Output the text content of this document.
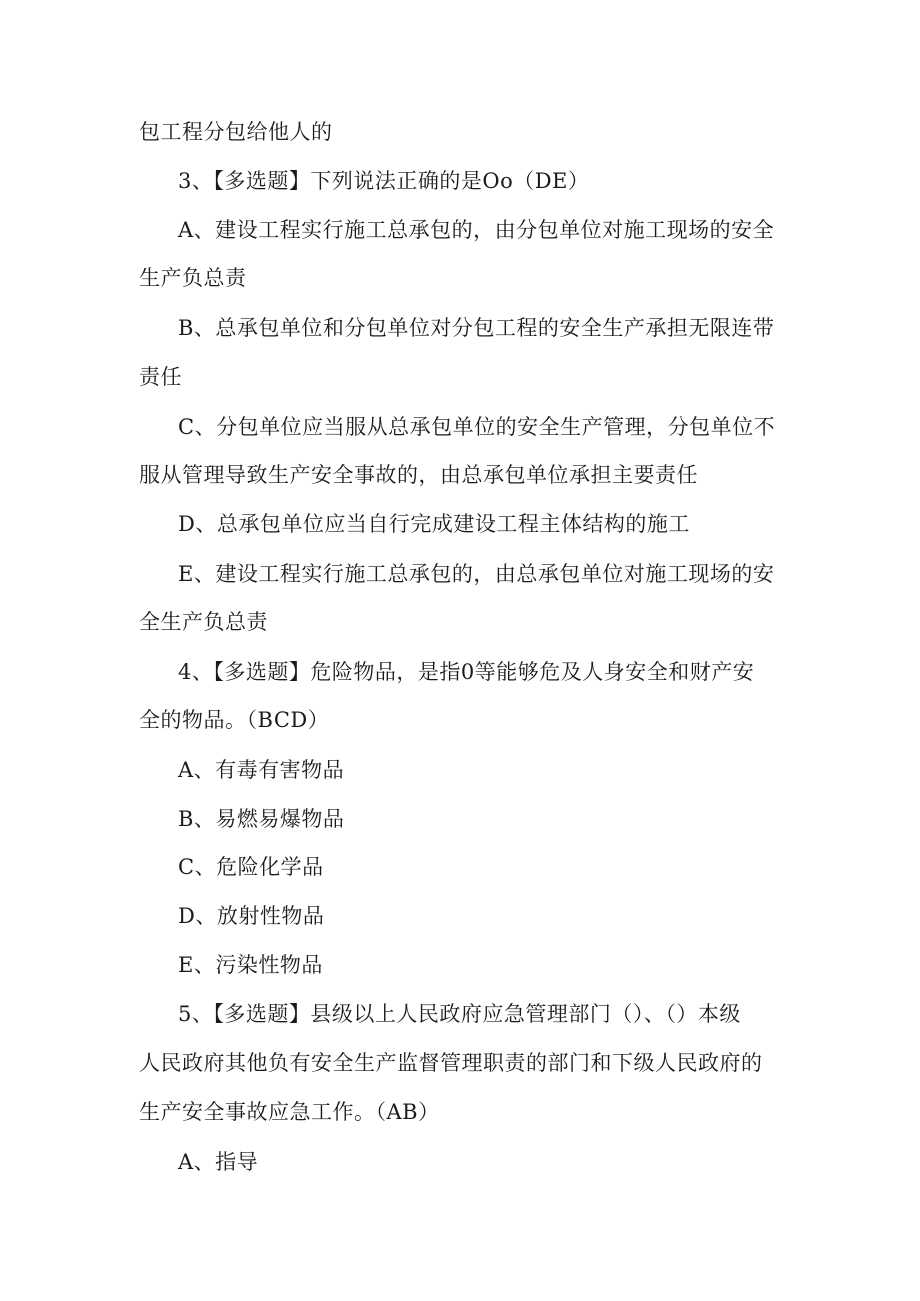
包工程分包给他人的
3、【多选题】下列说法正确的是Oo（DE）
A、建设工程实行施工总承包的，由分包单位对施工现场的安全
生产负总责
B、总承包单位和分包单位对分包工程的安全生产承担无限连带
责任
C、分包单位应当服从总承包单位的安全生产管理，分包单位不
服从管理导致生产安全事故的，由总承包单位承担主要责任
D、总承包单位应当自行完成建设工程主体结构的施工
E、建设工程实行施工总承包的，由总承包单位对施工现场的安
全生产负总责
4、【多选题】危险物品，是指0等能够危及人身安全和财产安
全的物品。（BCD）
A、有毒有害物品
B、易燃易爆物品
C、危险化学品
D、放射性物品
E、污染性物品
5、【多选题】县级以上人民政府应急管理部门（）、（）本级
人民政府其他负有安全生产监督管理职责的部门和下级人民政府的
生产安全事故应急工作。（AB）
A、指导
